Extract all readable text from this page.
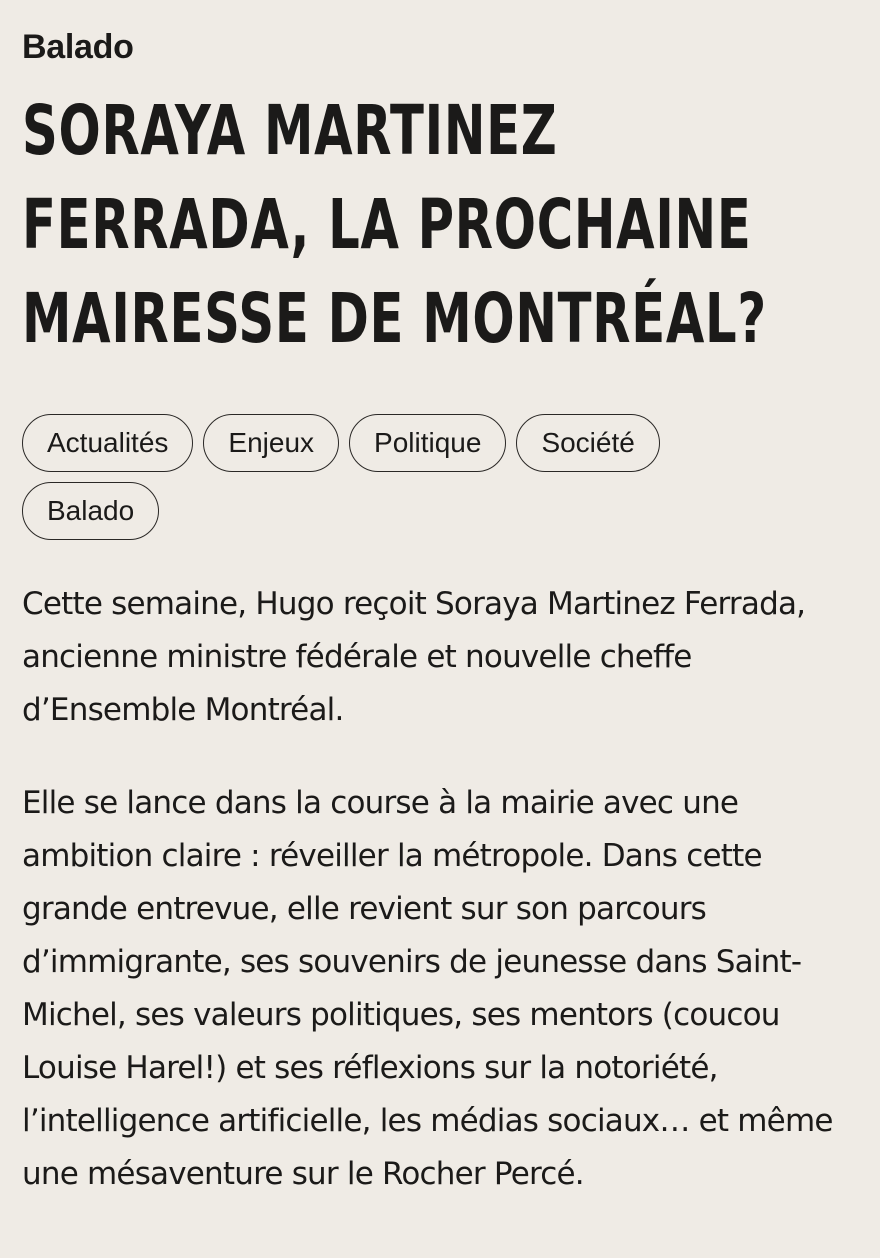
Balado

SORAYA MARTINEZ FERRADA, LA PROCHAINE MAIRESSE DE MONTRÉAL?
Actualités	Enjeux	Politique	Société
Balado

Cette semaine, Hugo reçoit Soraya Martinez Ferrada, ancienne ministre fédérale et nouvelle cheffe d’Ensemble Montréal.

Elle se lance dans la course à la mairie avec une ambition claire : réveiller la métropole. Dans cette grande entrevue, elle revient sur son parcours d’immigrante, ses souvenirs de jeunesse dans Saint-Michel, ses valeurs politiques, ses mentors (coucou Louise Harel!) et ses réflexions sur la notoriété, l’intelligence artificielle, les médias sociaux… et même une mésaventure sur le Rocher Percé.
